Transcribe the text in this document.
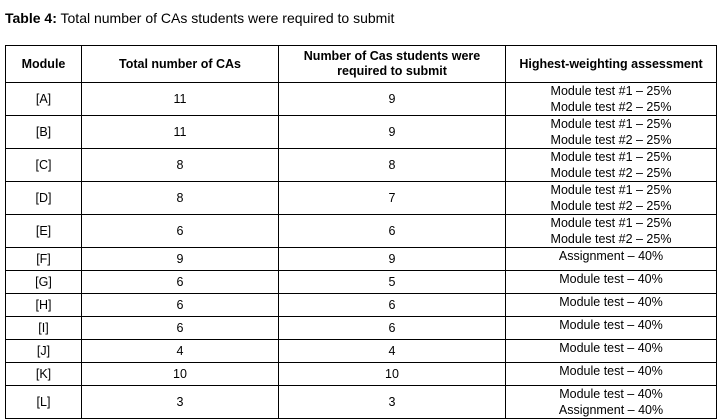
Table 4: Total number of CAs students were required to submit
Module	Total number of CAs	Number of Cas students were required to submit	Highest-weighting assessment
[A]	11	9	Module test #1 – 25%
Module test #2 – 25%

[B]	11	9	Module test #1 – 25%
Module test #2 – 25%

[C]	8	8	Module test #1 – 25%
Module test #2 – 25%

[D]	8	7	Module test #1 – 25%
Module test #2 – 25%

[E]	6	6	Module test #1 – 25%
Module test #2 – 25%

[F]	9	9	Assignment – 40%

[G]	6	5	Module test – 40%

[H]	6	6	Module test – 40%

[I]	6	6	Module test – 40%

[J]	4	4	Module test – 40%

[K]	10	10	Module test – 40%

[L]	3	3	Module test – 40%
Assignment – 40%
